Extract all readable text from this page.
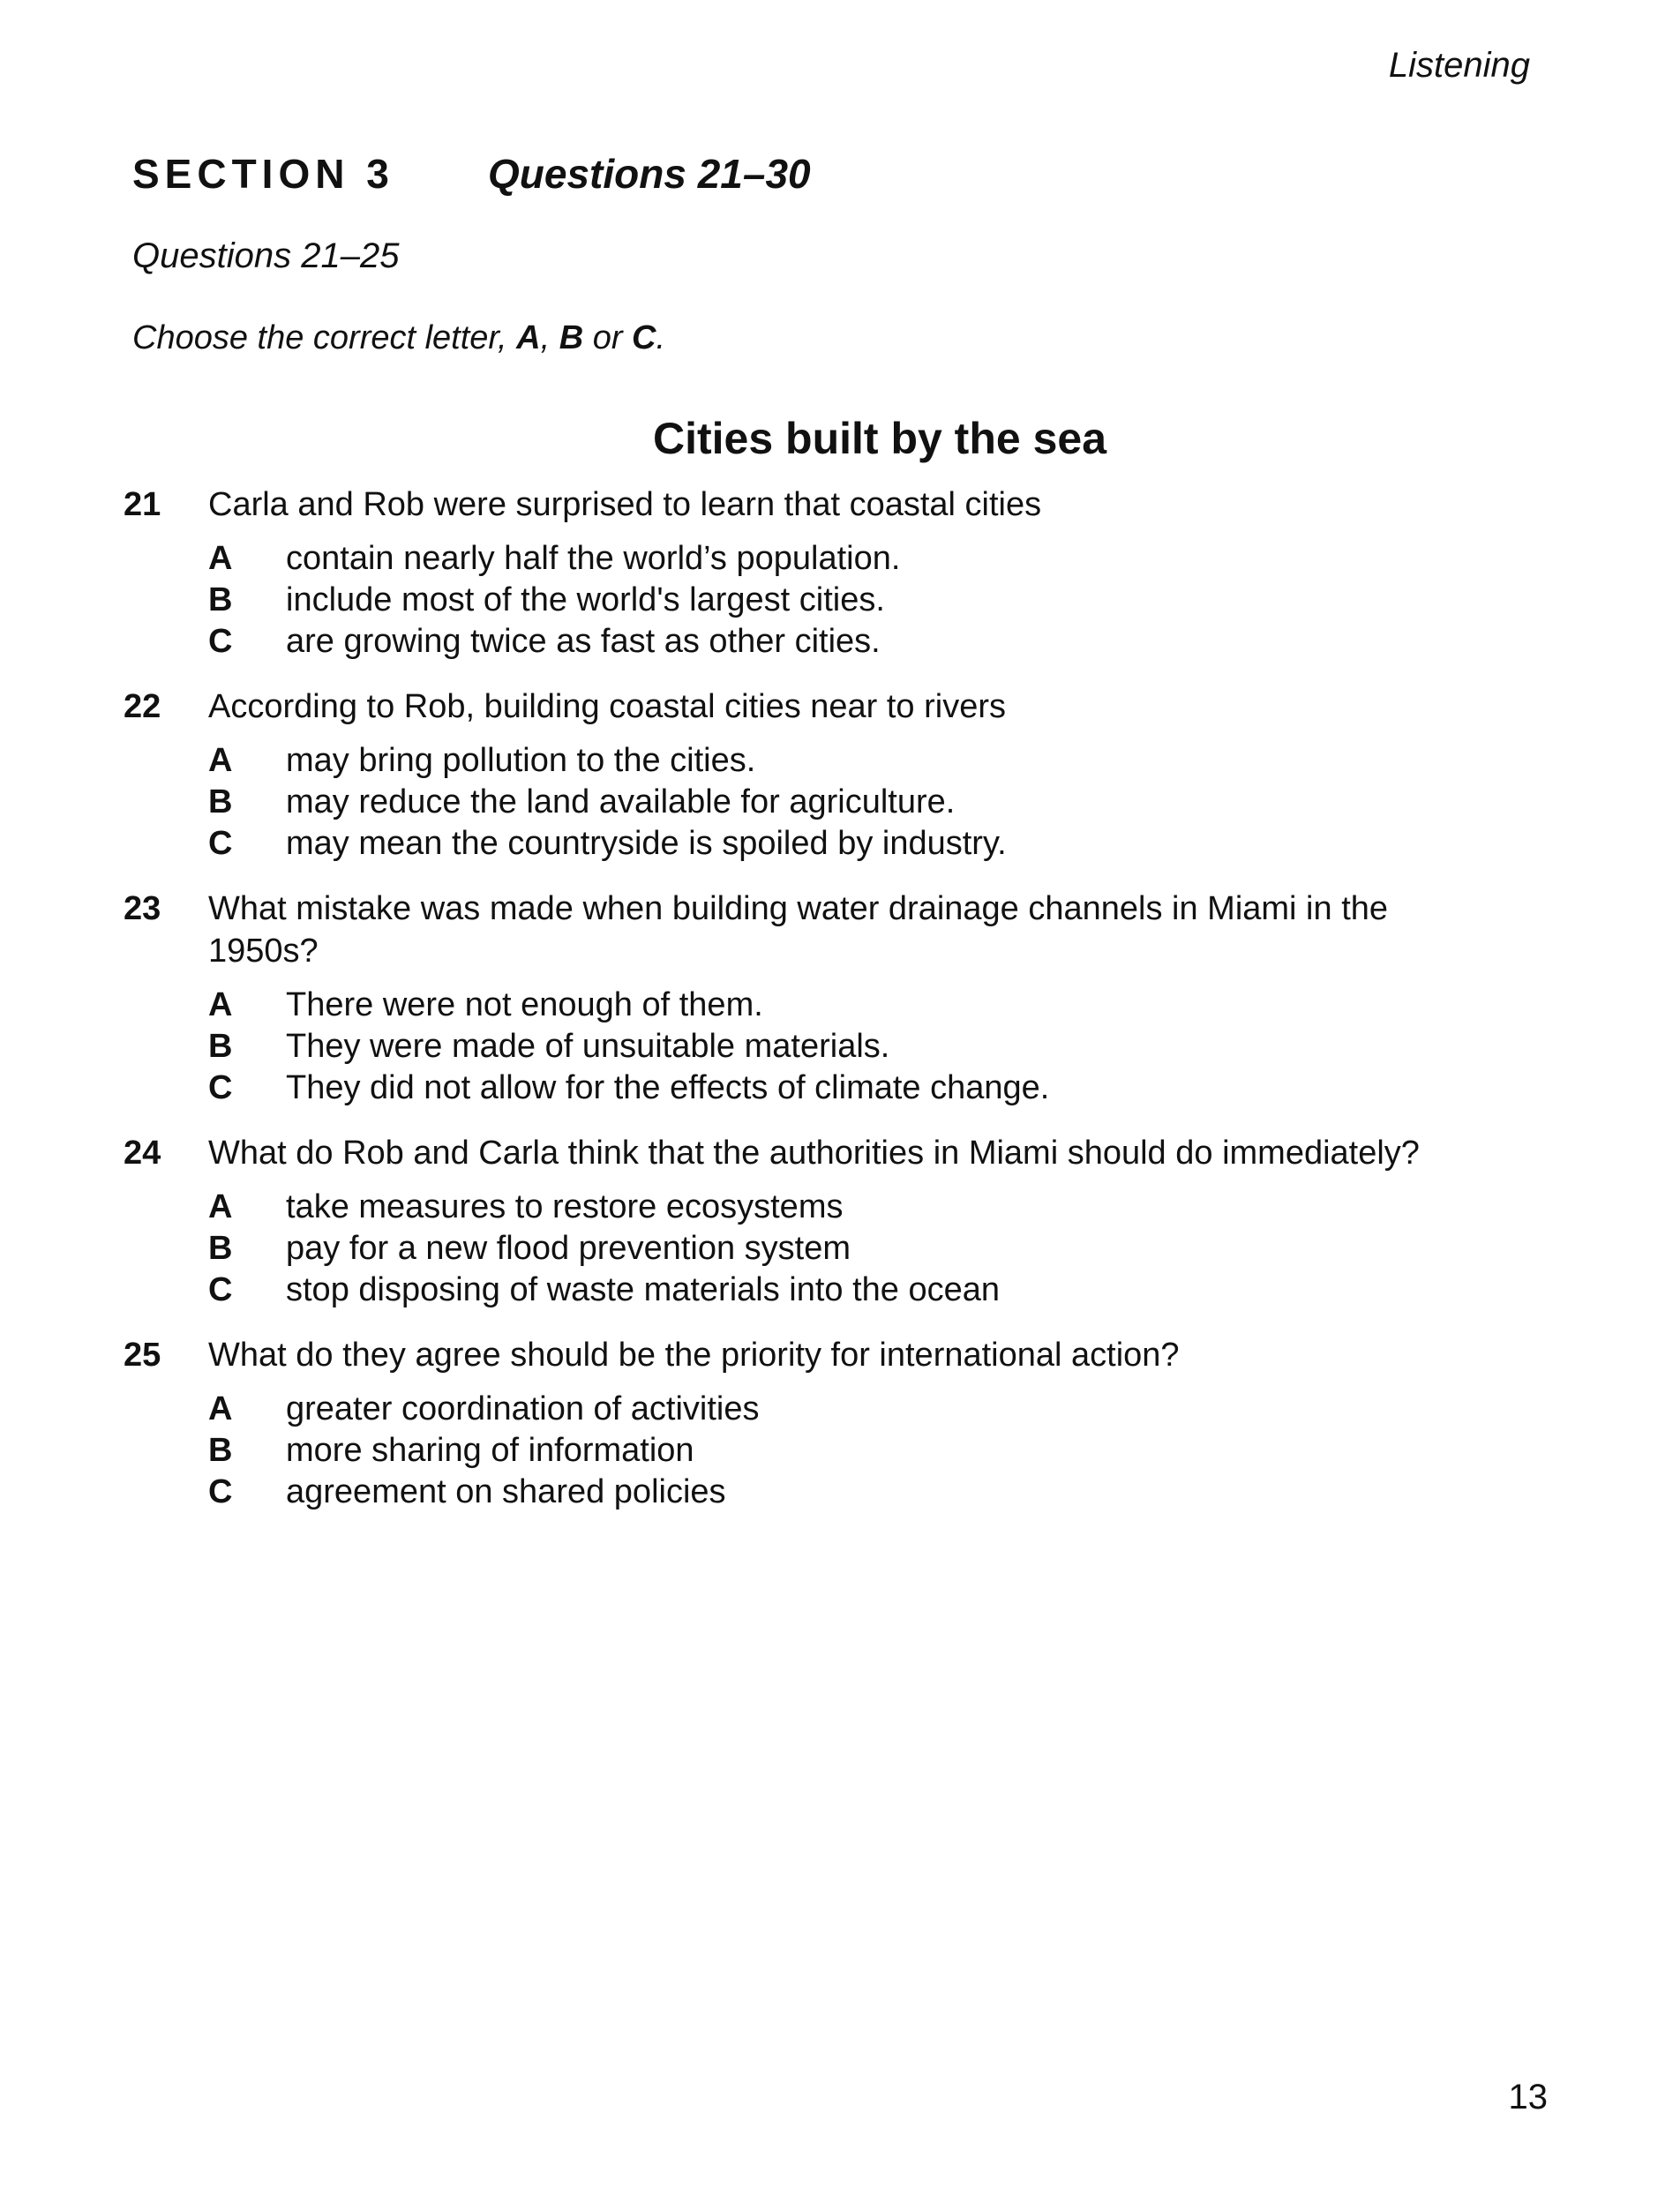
Listening
SECTION 3	Questions 21–30
Questions 21–25
Choose the correct letter, A, B or C.
Cities built by the sea
21	Carla and Rob were surprised to learn that coastal cities
A	contain nearly half the world’s population.
B	include most of the world's largest cities.
C	are growing twice as fast as other cities.
22	According to Rob, building coastal cities near to rivers
A	may bring pollution to the cities.
B	may reduce the land available for agriculture.
C	may mean the countryside is spoiled by industry.
23	What mistake was made when building water drainage channels in Miami in the 1950s?
A	There were not enough of them.
B	They were made of unsuitable materials.
C	They did not allow for the effects of climate change.
24	What do Rob and Carla think that the authorities in Miami should do immediately?
A	take measures to restore ecosystems
B	pay for a new flood prevention system
C	stop disposing of waste materials into the ocean
25	What do they agree should be the priority for international action?
A	greater coordination of activities
B	more sharing of information
C	agreement on shared policies
13
